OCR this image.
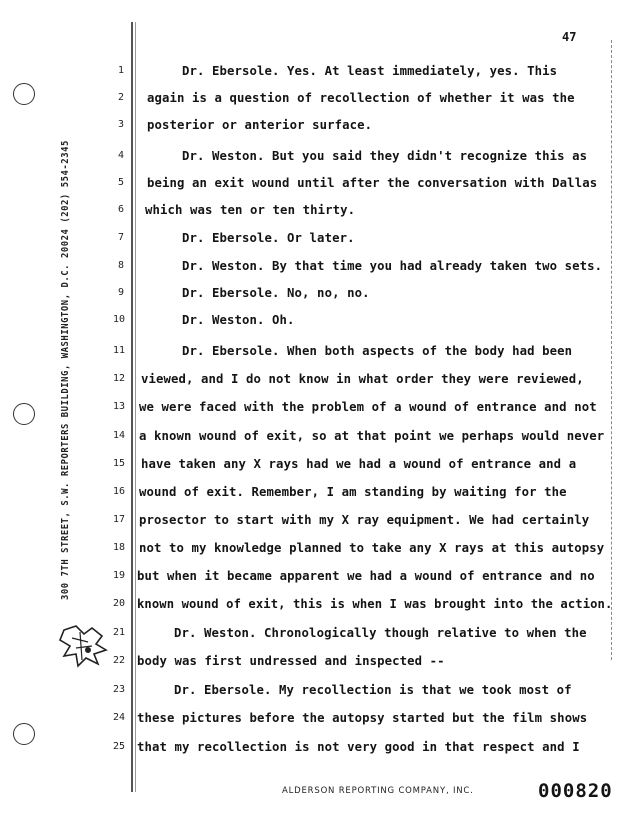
300 7TH STREET, S.W. REPORTERS BUILDING, WASHINGTON, D.C. 20024 (202) 554-2345
47
1
2
3
4
5
6
7
8
9
10
11
12
13
14
15
16
17
18
19
20
21
22
23
24
25
Dr. Ebersole. Yes. At least immediately, yes. This
again is a question of recollection of whether it was the
posterior or anterior surface.
Dr. Weston. But you said they didn't recognize this as
being an exit wound until after the conversation with Dallas
which was ten or ten thirty.
Dr. Ebersole. Or later.
Dr. Weston. By that time you had already taken two sets.
Dr. Ebersole. No, no, no.
Dr. Weston. Oh.
Dr. Ebersole. When both aspects of the body had been
viewed, and I do not know in what order they were reviewed,
we were faced with the problem of a wound of entrance and not
a known wound of exit, so at that point we perhaps would never
have taken any X rays had we had a wound of entrance and a
wound of exit. Remember, I am standing by waiting for the
prosector to start with my X ray equipment. We had certainly
not to my knowledge planned to take any X rays at this autopsy
but when it became apparent we had a wound of entrance and no
known wound of exit, this is when I was brought into the action.
Dr. Weston. Chronologically though relative to when the
body was first undressed and inspected --
Dr. Ebersole. My recollection is that we took most of
these pictures before the autopsy started but the film shows
that my recollection is not very good in that respect and I
ALDERSON REPORTING COMPANY, INC.	000820
